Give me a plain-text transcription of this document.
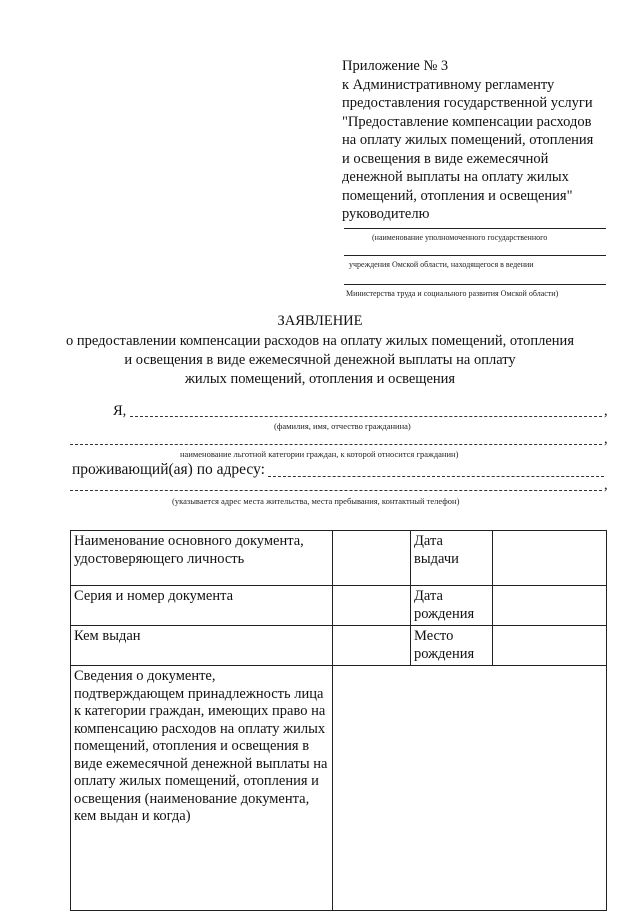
Приложение № 3
к Административному регламенту
предоставления государственной услуги
"Предоставление компенсации расходов
на оплату жилых помещений, отопления
и освещения в виде ежемесячной
денежной выплаты на оплату жилых
помещений, отопления и освещения"
руководителю
(наименование уполномоченного государственного
учреждения Омской области, находящегося в ведении
Министерства труда и социального развития Омской области)
ЗАЯВЛЕНИЕ
о предоставлении компенсации расходов на оплату жилых помещений, отопления
и освещения в виде ежемесячной денежной выплаты на оплату
жилых помещений, отопления и освещения
Я,	,
(фамилия, имя, отчество гражданина)
,
наименование льготной категории граждан, к которой относится гражданин)
проживающий(ая) по адресу:
,
(указывается адрес места жительства, места пребывания, контактный телефон)
Наименование основного документа, удостоверяющего личность		Дата выдачи	
Серия и номер документа		Дата рождения	
Кем выдан		Место рождения	
Сведения о документе, подтверждающем принадлежность лица к категории граждан, имеющих право на компенсацию расходов на оплату жилых помещений, отопления и освещения в виде ежемесячной денежной выплаты на оплату жилых помещений, отопления и освещения (наименование документа, кем выдан и когда)			
